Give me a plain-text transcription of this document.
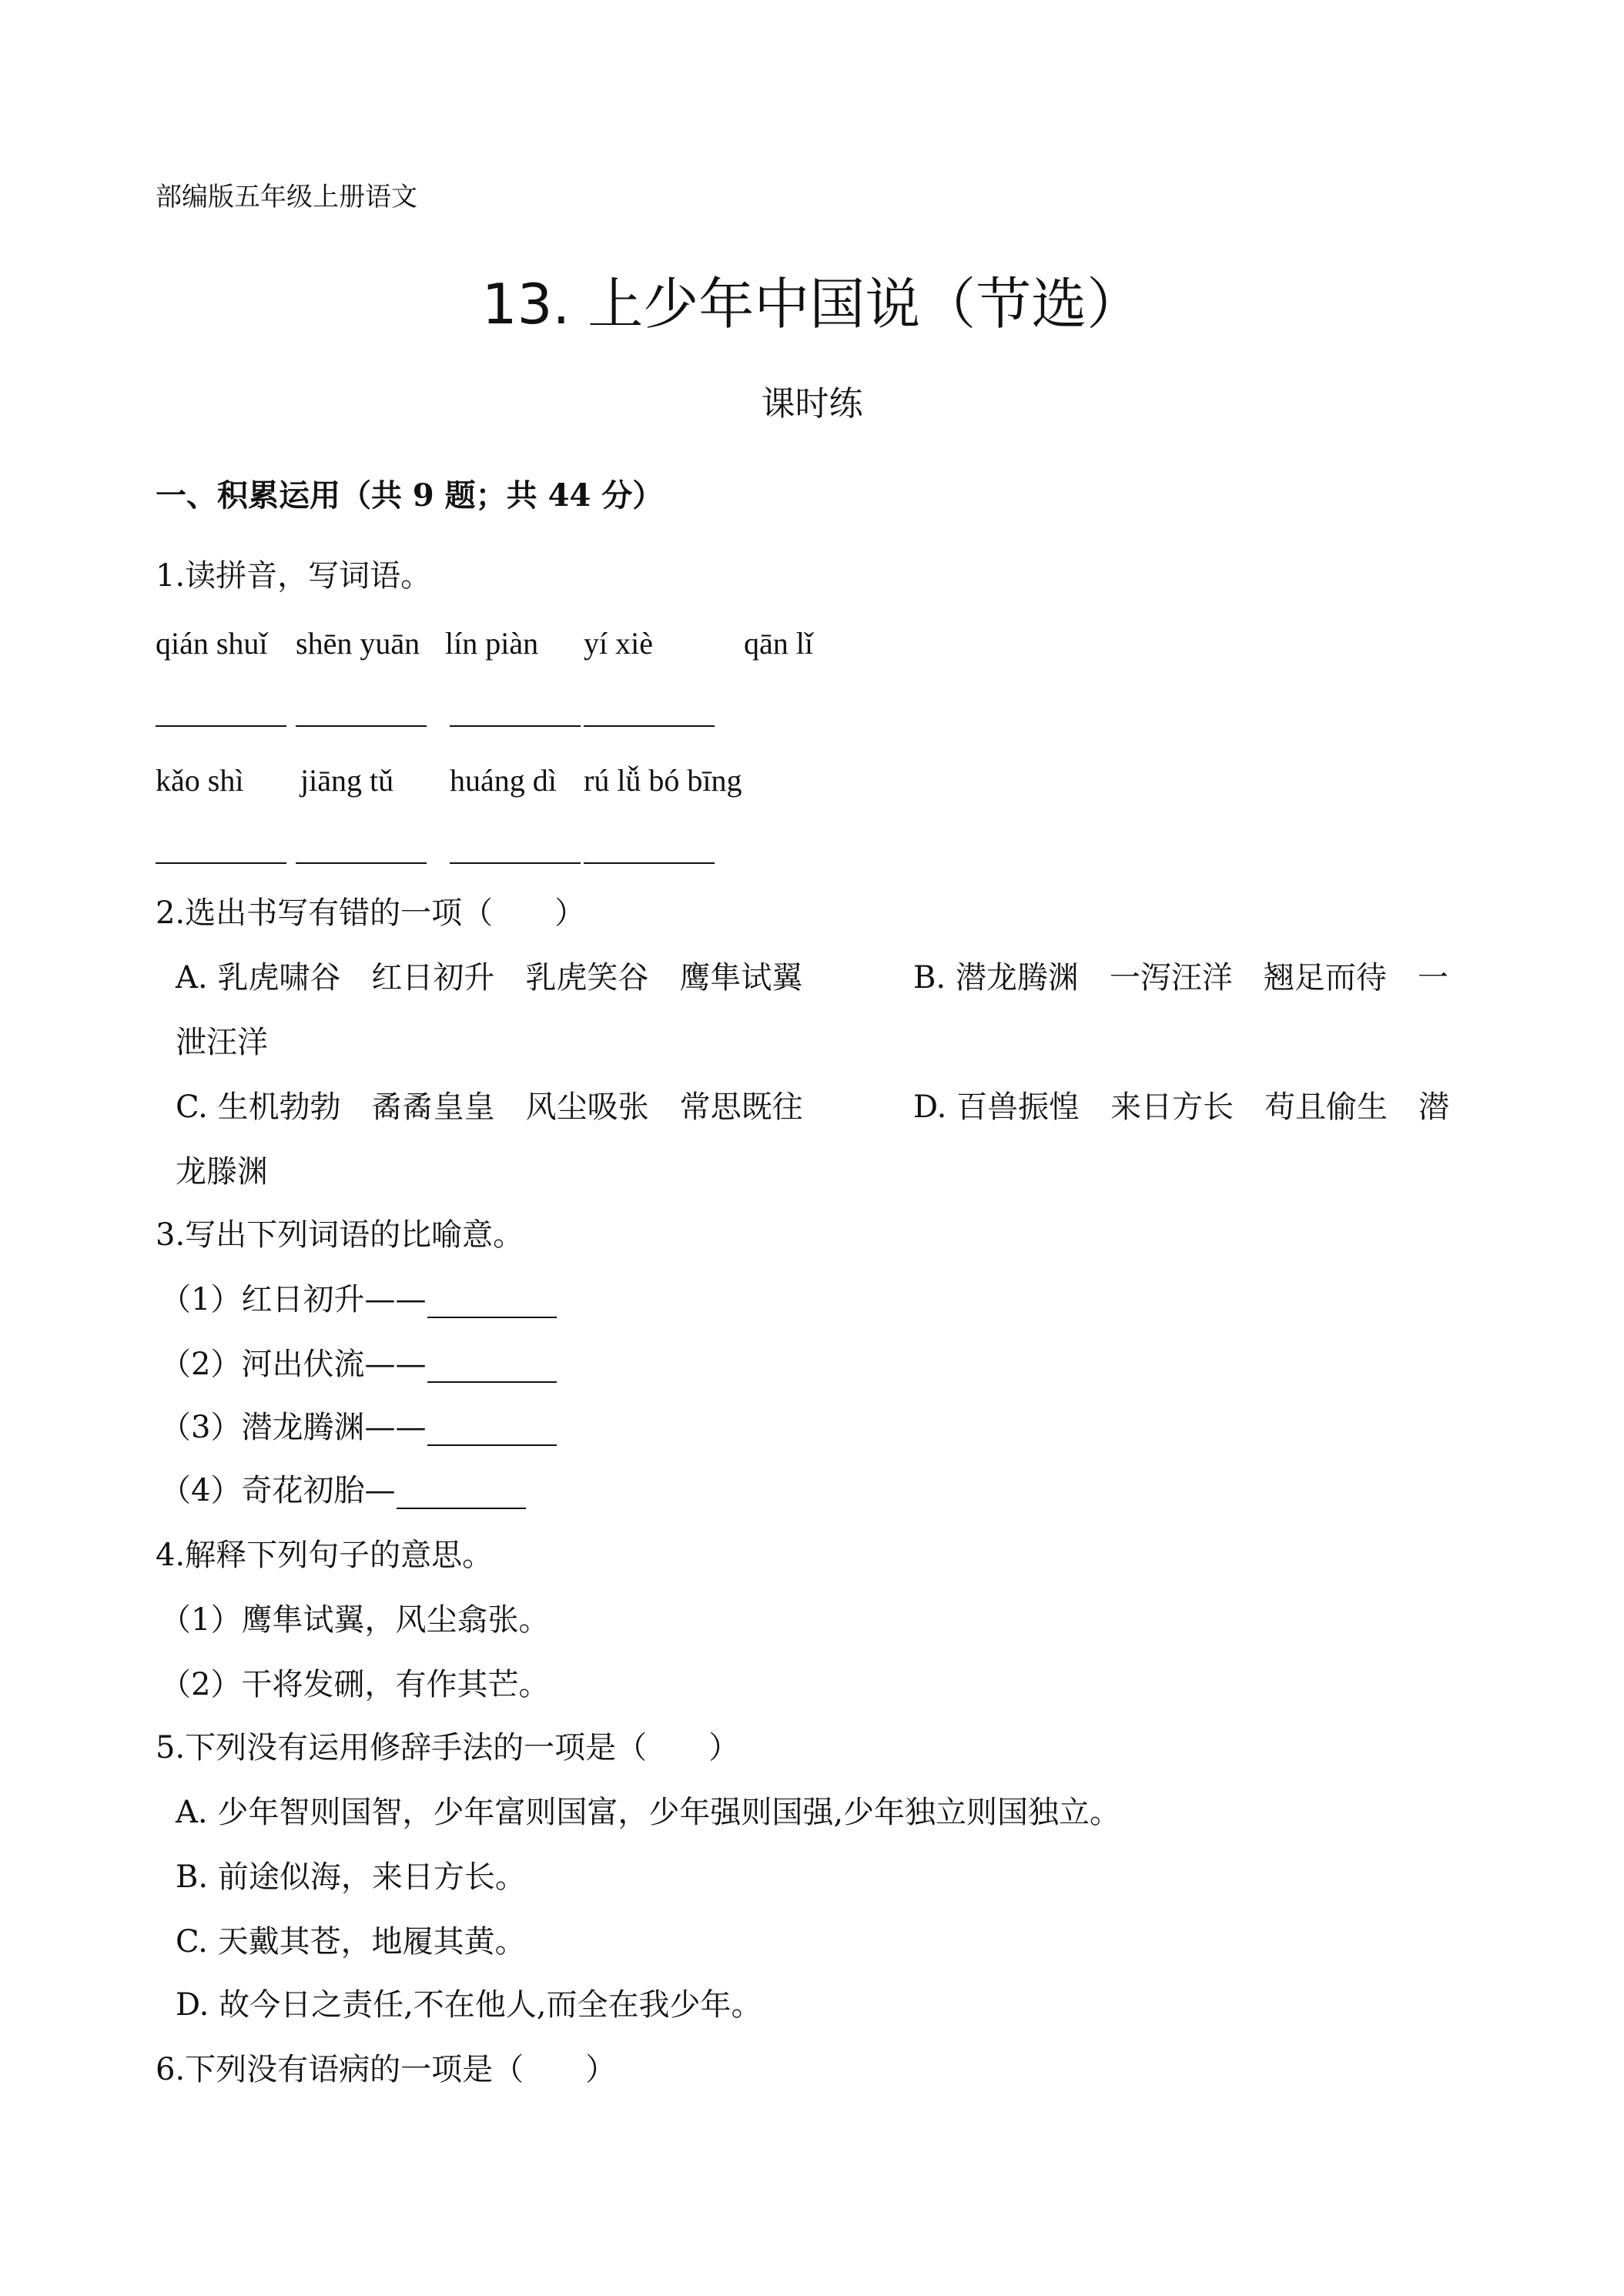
部编版五年级上册语文
13. 上少年中国说（节选）
课时练
一、积累运用（共 9 题；共 44 分）
1.读拼音，写词语。
qián shuǐ shēn yuān lín piàn yí xiè	qān lǐ
kǎo shì jiāng tǔ huáng dì rú lǚ bó bīng
2.选出书写有错的一项（　　）
A. 乳虎啸谷　红日初升　乳虎笑谷　鹰隼试翼	B. 潜龙腾渊　一泻汪洋　翘足而待　一
泄汪洋
C. 生机勃勃　矞矞皇皇　风尘吸张　常思既往	D. 百兽振惶　来日方长　苟且偷生　潜
龙滕渊
3.写出下列词语的比喻意。
（1）红日初升——
（2）河出伏流——
（3）潜龙腾渊——
（4）奇花初胎—
4.解释下列句子的意思。
（1）鹰隼试翼，风尘翕张。
（2）干将发硎，有作其芒。
5.下列没有运用修辞手法的一项是（　　）
A. 少年智则国智，少年富则国富，少年强则国强,少年独立则国独立。
B. 前途似海，来日方长。
C. 天戴其苍，地履其黄。
D. 故今日之责任,不在他人,而全在我少年。
6.下列没有语病的一项是（　　）
